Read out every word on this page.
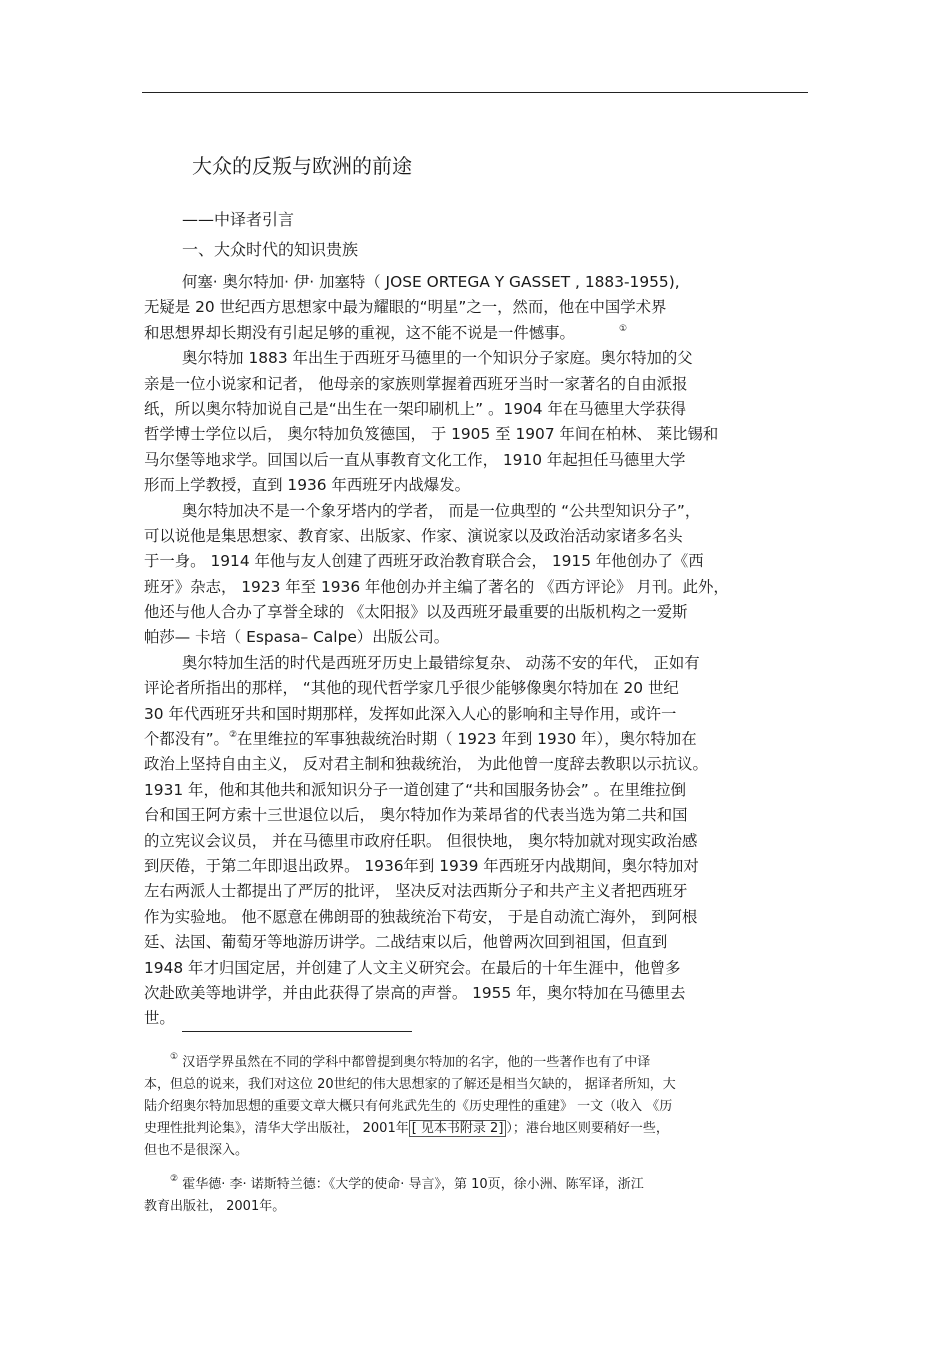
大众的反叛与欧洲的前途
——中译者引言
一、大众时代的知识贵族
何塞· 奥尔特加· 伊· 加塞特（ JOSE ORTEGA Y GASSET , 1883-1955),
无疑是 20 世纪西方思想家中最为耀眼的“明星”之一，然而，他在中国学术界
和思想界却长期没有引起足够的重视，这不能不说是一件憾事。	①
奥尔特加 1883 年出生于西班牙马德里的一个知识分子家庭。奥尔特加的父
亲是一位小说家和记者， 他母亲的家族则掌握着西班牙当时一家著名的自由派报
纸，所以奥尔特加说自己是“出生在一架印刷机上” 。1904 年在马德里大学获得
哲学博士学位以后， 奥尔特加负笈德国， 于 1905 至 1907 年间在柏林、 莱比锡和
马尔堡等地求学。回国以后一直从事教育文化工作， 1910 年起担任马德里大学
形而上学教授，直到 1936 年西班牙内战爆发。
奥尔特加决不是一个象牙塔内的学者， 而是一位典型的 “公共型知识分子”，
可以说他是集思想家、教育家、出版家、作家、演说家以及政治活动家诸多名头
于一身。 1914 年他与友人创建了西班牙政治教育联合会， 1915 年他创办了《西
班牙》杂志， 1923 年至 1936 年他创办并主编了著名的 《西方评论》 月刊。此外，
他还与他人合办了享誉全球的 《太阳报》以及西班牙最重要的出版机构之一爱斯
帕莎— 卡培（ Espasa– Calpe）出版公司。
奥尔特加生活的时代是西班牙历史上最错综复杂、 动荡不安的年代， 正如有
评论者所指出的那样， “其他的现代哲学家几乎很少能够像奥尔特加在 20 世纪
30 年代西班牙共和国时期那样，发挥如此深入人心的影响和主导作用，或许一
个都没有”。②在里维拉的军事独裁统治时期（ 1923 年到 1930 年），奥尔特加在
政治上坚持自由主义， 反对君主制和独裁统治， 为此他曾一度辞去教职以示抗议。
1931 年，他和其他共和派知识分子一道创建了“共和国服务协会” 。在里维拉倒
台和国王阿方索十三世退位以后， 奥尔特加作为莱昂省的代表当选为第二共和国
的立宪议会议员， 并在马德里市政府任职。 但很快地， 奥尔特加就对现实政治感
到厌倦，于第二年即退出政界。 1936年到 1939 年西班牙内战期间，奥尔特加对
左右两派人士都提出了严厉的批评， 坚决反对法西斯分子和共产主义者把西班牙
作为实验地。 他不愿意在佛朗哥的独裁统治下苟安， 于是自动流亡海外， 到阿根
廷、法国、葡萄牙等地游历讲学。二战结束以后，他曾两次回到祖国，但直到
1948 年才归国定居，并创建了人文主义研究会。在最后的十年生涯中，他曾多
次赴欧美等地讲学，并由此获得了崇高的声誉。 1955 年，奥尔特加在马德里去
世。
① 汉语学界虽然在不同的学科中都曾提到奥尔特加的名字，他的一些著作也有了中译
本，但总的说来，我们对这位 20世纪的伟大思想家的了解还是相当欠缺的， 据译者所知，大
陆介绍奥尔特加思想的重要文章大概只有何兆武先生的《历史理性的重建》 一文（收入 《历
史理性批判论集》，清华大学出版社， 2001年 [ 见本书附录 2] ）；港台地区则要稍好一些，
但也不是很深入。
② 霍华德· 李· 诺斯特兰德：《大学的使命· 导言》，第 10页，徐小洲、陈军译，浙江
教育出版社， 2001年。
